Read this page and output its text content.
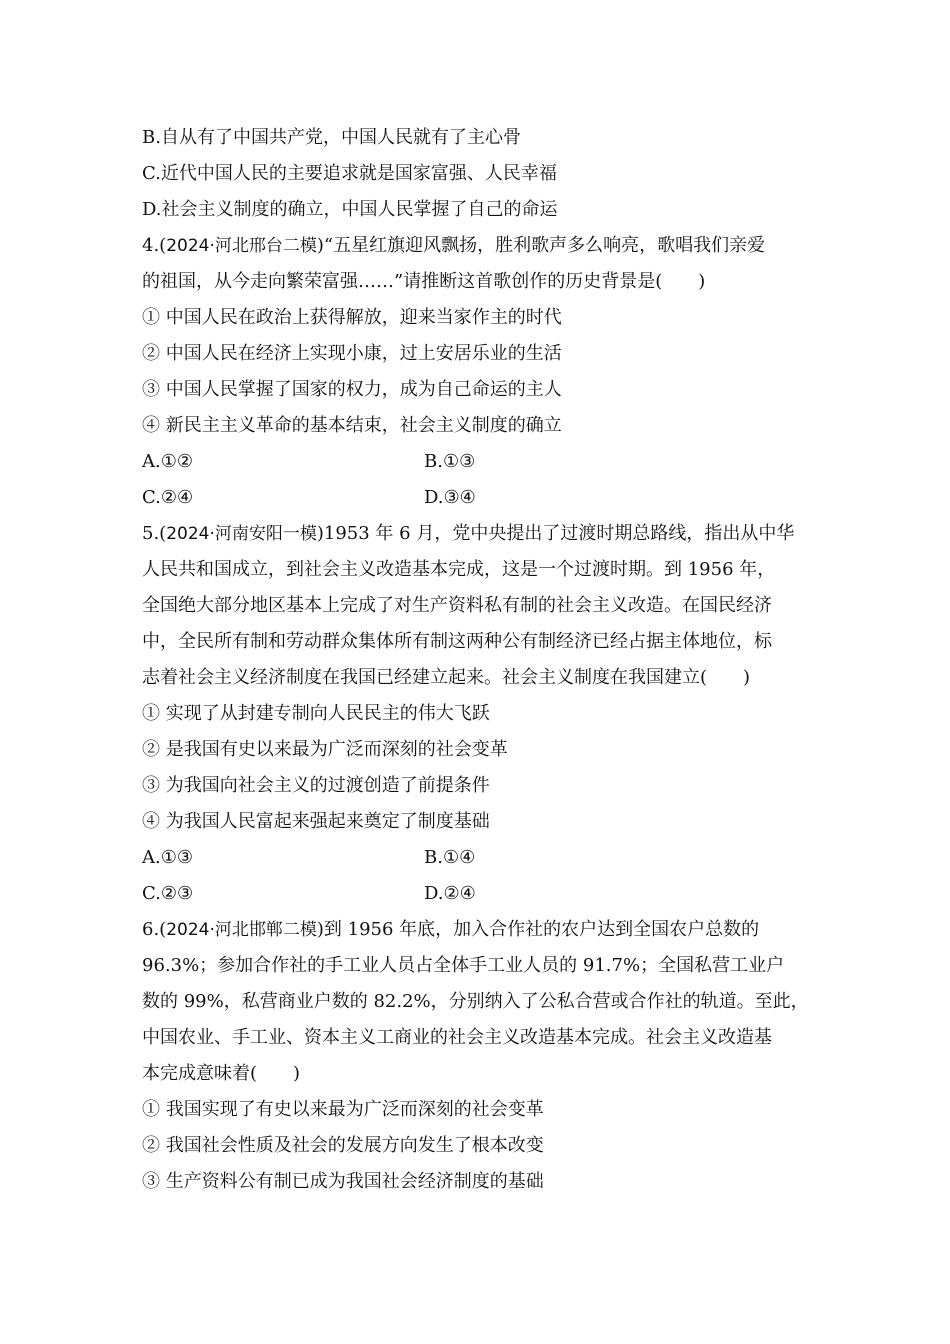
B.自从有了中国共产党，中国人民就有了主心骨
C.近代中国人民的主要追求就是国家富强、人民幸福
D.社会主义制度的确立，中国人民掌握了自己的命运
4.(2024·河北邢台二模)“五星红旗迎风飘扬，胜利歌声多么响亮，歌唱我们亲爱
的祖国，从今走向繁荣富强……”请推断这首歌创作的历史背景是(　　)
① 中国人民在政治上获得解放，迎来当家作主的时代
② 中国人民在经济上实现小康，过上安居乐业的生活
③ 中国人民掌握了国家的权力，成为自己命运的主人
④ 新民主主义革命的基本结束，社会主义制度的确立
A.①②	B.①③
C.②④	D.③④
5.(2024·河南安阳一模)1953 年 6 月，党中央提出了过渡时期总路线，指出从中华
人民共和国成立，到社会主义改造基本完成，这是一个过渡时期。到 1956 年，
全国绝大部分地区基本上完成了对生产资料私有制的社会主义改造。在国民经济
中，全民所有制和劳动群众集体所有制这两种公有制经济已经占据主体地位，标
志着社会主义经济制度在我国已经建立起来。社会主义制度在我国建立(　　)
① 实现了从封建专制向人民民主的伟大飞跃
② 是我国有史以来最为广泛而深刻的社会变革
③ 为我国向社会主义的过渡创造了前提条件
④ 为我国人民富起来强起来奠定了制度基础
A.①③	B.①④
C.②③	D.②④
6.(2024·河北邯郸二模)到 1956 年底，加入合作社的农户达到全国农户总数的
96.3%；参加合作社的手工业人员占全体手工业人员的 91.7%；全国私营工业户
数的 99%，私营商业户数的 82.2%，分别纳入了公私合营或合作社的轨道。至此，
中国农业、手工业、资本主义工商业的社会主义改造基本完成。社会主义改造基
本完成意味着(　　)
① 我国实现了有史以来最为广泛而深刻的社会变革
② 我国社会性质及社会的发展方向发生了根本改变
③ 生产资料公有制已成为我国社会经济制度的基础
